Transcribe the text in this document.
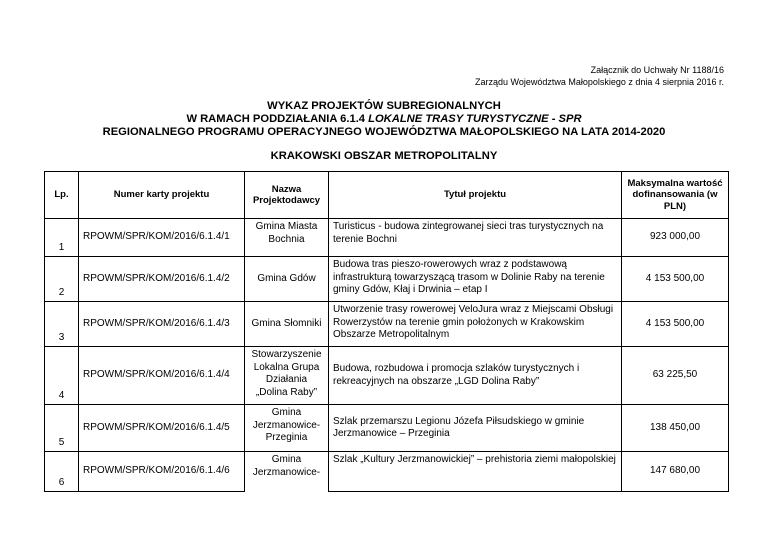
Załącznik do Uchwały Nr 1188/16
Zarządu Województwa Małopolskiego z dnia 4 sierpnia 2016 r.
WYKAZ PROJEKTÓW SUBREGIONALNYCH
W RAMACH PODDZIAŁANIA 6.1.4 LOKALNE TRASY TURYSTYCZNE - SPR
REGIONALNEGO PROGRAMU OPERACYJNEGO WOJEWÓDZTWA MAŁOPOLSKIEGO NA LATA 2014-2020
KRAKOWSKI OBSZAR METROPOLITALNY
Lp.	Numer karty projektu	Nazwa Projektodawcy	Tytuł projektu	Maksymalna wartość dofinansowania (w PLN)
1	RPOWM/SPR/KOM/2016/6.1.4/1	Gmina Miasta Bochnia	Turisticus - budowa zintegrowanej sieci tras turystycznych na terenie Bochni	923 000,00
2	RPOWM/SPR/KOM/2016/6.1.4/2	Gmina Gdów	Budowa tras pieszo-rowerowych wraz z podstawową infrastrukturą towarzyszącą trasom w Dolinie Raby na terenie gminy Gdów, Kłaj i Drwinia – etap I	4 153 500,00
3	RPOWM/SPR/KOM/2016/6.1.4/3	Gmina Słomniki	Utworzenie trasy rowerowej VeloJura wraz z Miejscami Obsługi Rowerzystów na terenie gmin położonych w Krakowskim Obszarze Metropolitalnym	4 153 500,00
4	RPOWM/SPR/KOM/2016/6.1.4/4	Stowarzyszenie Lokalna Grupa Działania „Dolina Raby”	Budowa, rozbudowa i promocja szlaków turystycznych i rekreacyjnych na obszarze „LGD Dolina Raby”	63 225,50
5	RPOWM/SPR/KOM/2016/6.1.4/5	Gmina Jerzmanowice-Przeginia	Szlak przemarszu Legionu Józefa Piłsudskiego w gminie Jerzmanowice – Przeginia	138 450,00
6	RPOWM/SPR/KOM/2016/6.1.4/6	Gmina Jerzmanowice-	Szlak „Kultury Jerzmanowickiej” – prehistoria ziemi małopolskiej	147 680,00
